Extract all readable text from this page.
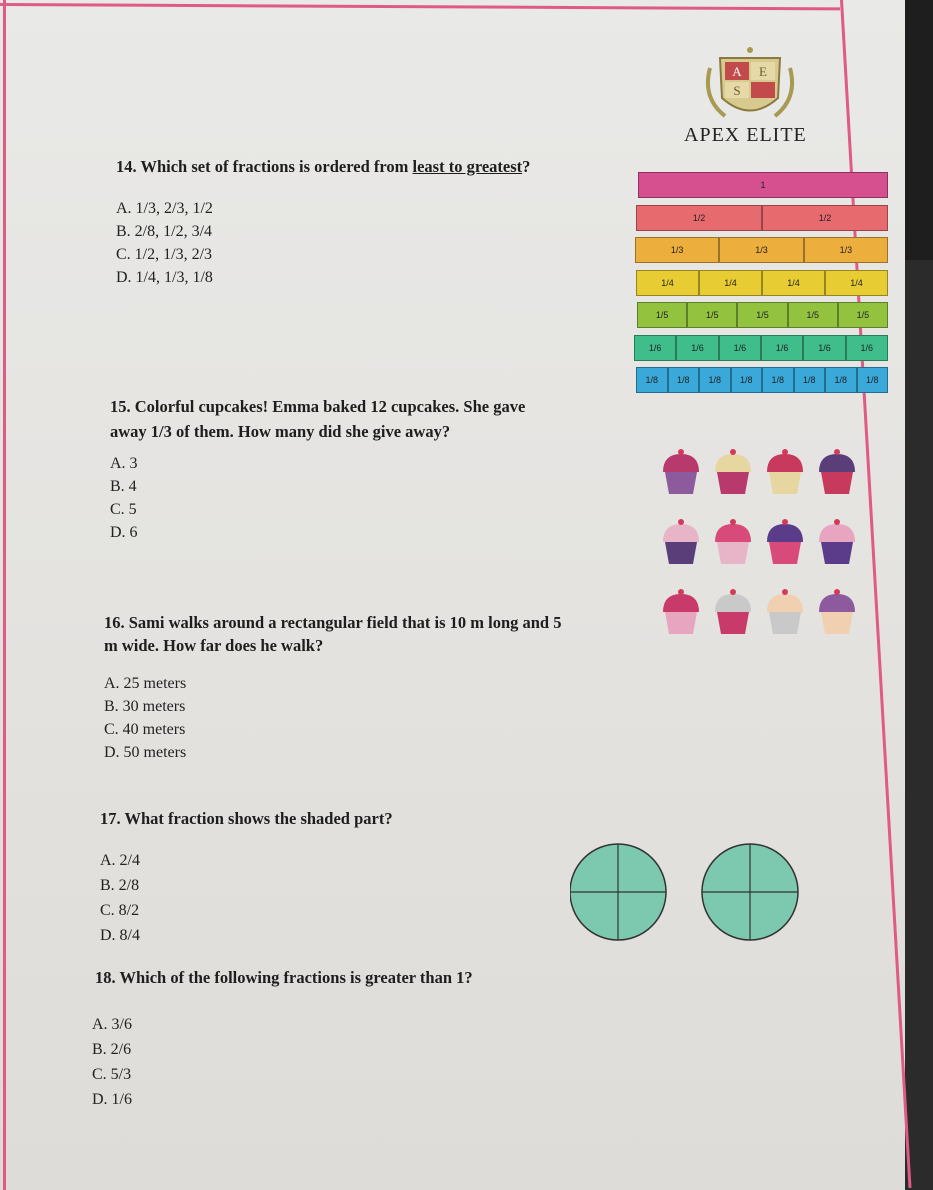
A E
S
APEX ELITE
14. Which set of fractions is ordered from least to greatest?
A. 1/3, 2/3, 1/2
B. 2/8, 1/2, 3/4
C. 1/2, 1/3, 2/3
D. 1/4, 1/3, 1/8
1
1/2	1/2
1/3	1/3	1/3
1/4	1/4	1/4	1/4
1/5	1/5	1/5	1/5	1/5
1/6	1/6	1/6	1/6	1/6	1/6
1/8	1/8	1/8	1/8	1/8	1/8	1/8	1/8
15. Colorful cupcakes! Emma baked 12 cupcakes. She gave
away 1/3 of them. How many did she give away?
A. 3
B. 4
C. 5
D. 6
16. Sami walks around a rectangular field that is 10 m long and 5
m wide. How far does he walk?
A. 25 meters
B. 30 meters
C. 40 meters
D. 50 meters
17. What fraction shows the shaded part?
A. 2/4
B. 2/8
C. 8/2
D. 8/4
18. Which of the following fractions is greater than 1?
A. 3/6
B. 2/6
C. 5/3
D. 1/6
